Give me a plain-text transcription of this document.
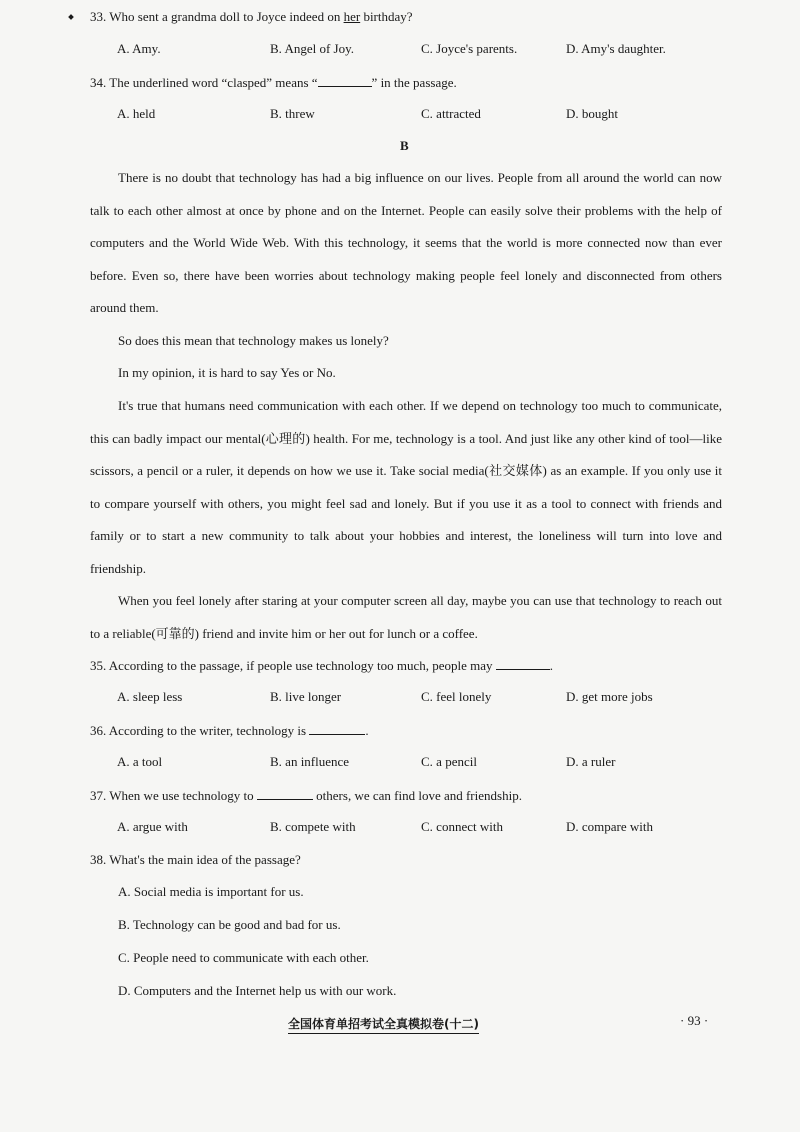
33. Who sent a grandma doll to Joyce indeed on her birthday?
A. Amy.	B. Angel of Joy.	C. Joyce's parents.	D. Amy's daughter.
34. The underlined word “clasped” means “	” in the passage.
A. held	B. threw	C. attracted	D. bought
B
There is no doubt that technology has had a big influence on our lives. People from all around the world can now talk to each other almost at once by phone and on the Internet. People can easily solve their problems with the help of computers and the World Wide Web. With this technology, it seems that the world is more connected now than ever before. Even so, there have been worries about technology making people feel lonely and disconnected from others around them.
So does this mean that technology makes us lonely?
In my opinion, it is hard to say Yes or No.
It's true that humans need communication with each other. If we depend on technology too much to communicate, this can badly impact our mental(心理的) health. For me, technology is a tool. And just like any other kind of tool—like scissors, a pencil or a ruler, it depends on how we use it. Take social media(社交媒体) as an example. If you only use it to compare yourself with others, you might feel sad and lonely. But if you use it as a tool to connect with friends and family or to start a new community to talk about your hobbies and interest, the loneliness will turn into love and friendship.
When you feel lonely after staring at your computer screen all day, maybe you can use that technology to reach out to a reliable(可靠的) friend and invite him or her out for lunch or a coffee.
35. According to the passage, if people use technology too much, people may	.
A. sleep less	B. live longer	C. feel lonely	D. get more jobs
36. According to the writer, technology is	.
A. a tool	B. an influence	C. a pencil	D. a ruler
37. When we use technology to	others, we can find love and friendship.
A. argue with	B. compete with	C. connect with	D. compare with
38. What's the main idea of the passage?
A. Social media is important for us.
B. Technology can be good and bad for us.
C. People need to communicate with each other.
D. Computers and the Internet help us with our work.
全国体育单招考试全真模拟卷(十二)	· 93 ·
